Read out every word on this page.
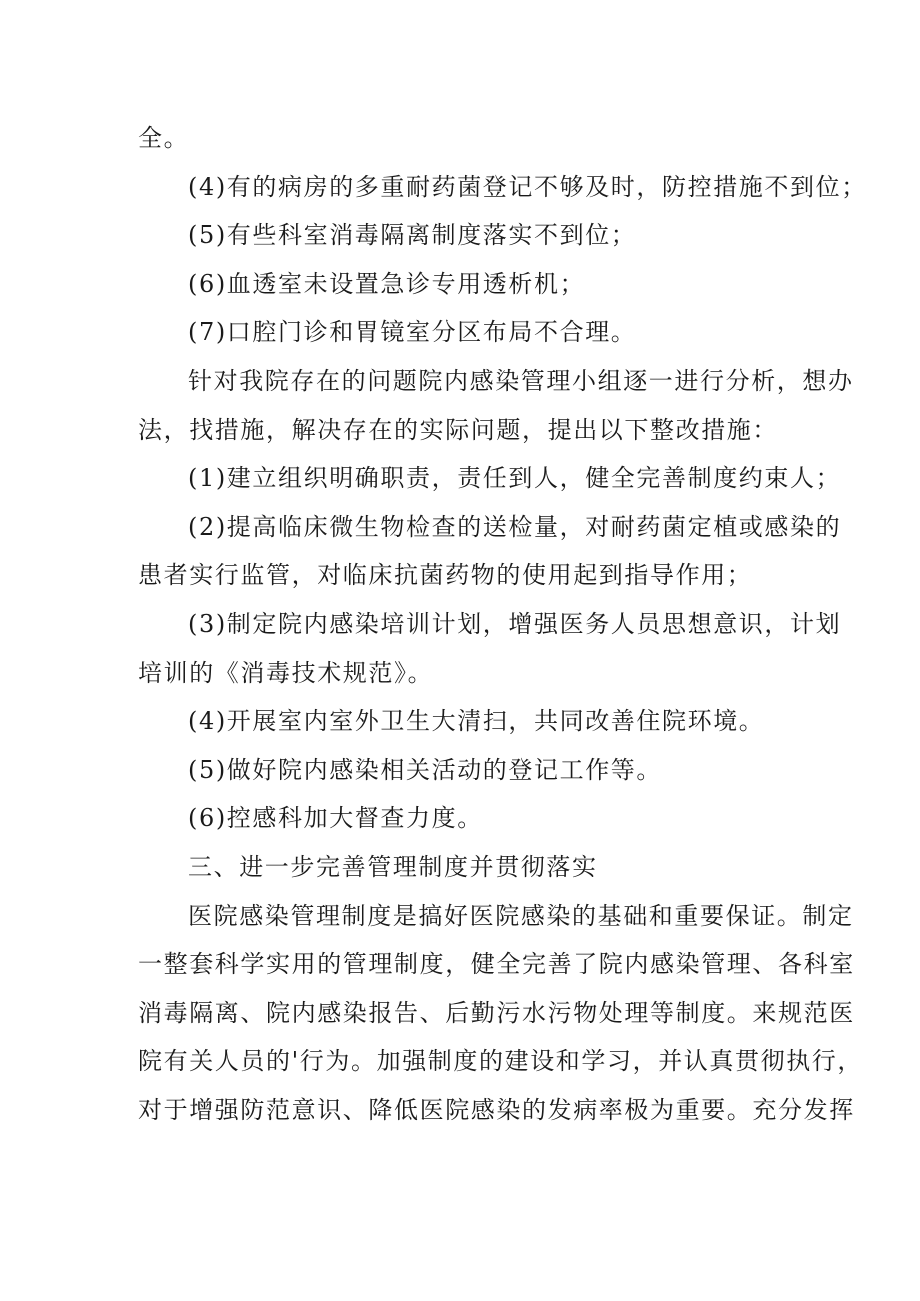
全。
(4)有的病房的多重耐药菌登记不够及时，防控措施不到位；
(5)有些科室消毒隔离制度落实不到位；
(6)血透室未设置急诊专用透析机；
(7)口腔门诊和胃镜室分区布局不合理。
针对我院存在的问题院内感染管理小组逐一进行分析，想办
法，找措施，解决存在的实际问题，提出以下整改措施：
(1)建立组织明确职责，责任到人，健全完善制度约束人；
(2)提高临床微生物检查的送检量，对耐药菌定植或感染的
患者实行监管，对临床抗菌药物的使用起到指导作用；
(3)制定院内感染培训计划，增强医务人员思想意识，计划
培训的《消毒技术规范》。
(4)开展室内室外卫生大清扫，共同改善住院环境。
(5)做好院内感染相关活动的登记工作等。
(6)控感科加大督查力度。
三、进一步完善管理制度并贯彻落实
医院感染管理制度是搞好医院感染的基础和重要保证。制定
一整套科学实用的管理制度，健全完善了院内感染管理、各科室
消毒隔离、院内感染报告、后勤污水污物处理等制度。来规范医
院有关人员的'行为。加强制度的建设和学习，并认真贯彻执行，
对于增强防范意识、降低医院感染的发病率极为重要。充分发挥
